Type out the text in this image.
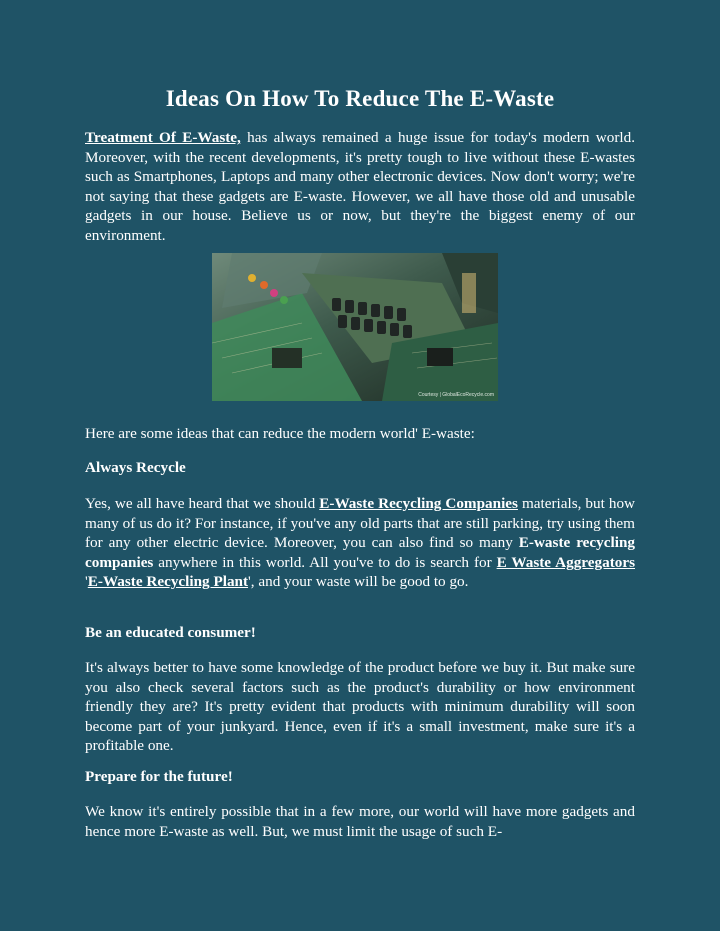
Ideas On How To Reduce The E-Waste

Treatment Of E-Waste, has always remained a huge issue for today's modern world. Moreover, with the recent developments, it's pretty tough to live without these E-wastes such as Smartphones, Laptops and many other electronic devices. Now don't worry; we're not saying that these gadgets are E-waste. However, we all have those old and unusable gadgets in our house. Believe us or now, but they're the biggest enemy of our environment.

Courtesy | GlobalEcoRecycle.com

Here are some ideas that can reduce the modern world' E-waste:

Always Recycle

Yes, we all have heard that we should E-Waste Recycling Companies materials, but how many of us do it? For instance, if you've any old parts that are still parking, try using them for any other electric device. Moreover, you can also find so many E-waste recycling companies anywhere in this world. All you've to do is search for E Waste Aggregators 'E-Waste Recycling Plant', and your waste will be good to go.

Be an educated consumer!

It's always better to have some knowledge of the product before we buy it. But make sure you also check several factors such as the product's durability or how environment friendly they are? It's pretty evident that products with minimum durability will soon become part of your junkyard. Hence, even if it's a small investment, make sure it's a profitable one.

Prepare for the future!

We know it's entirely possible that in a few more, our world will have more gadgets and hence more E-waste as well. But, we must limit the usage of such E-
